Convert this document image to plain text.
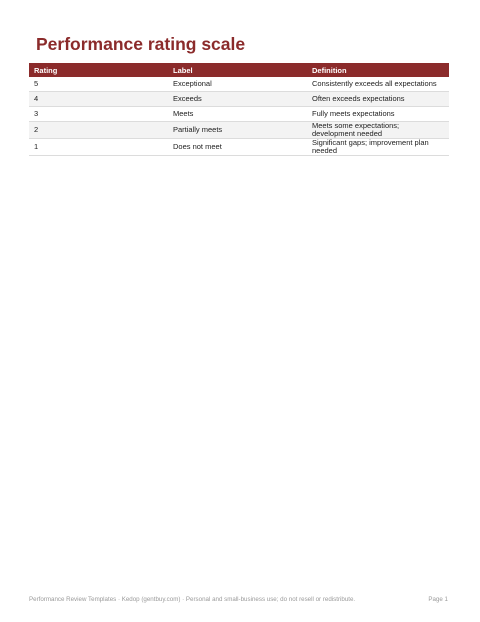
Performance rating scale
Rating	Label	Definition
5	Exceptional	Consistently exceeds all expectations
4	Exceeds	Often exceeds expectations
3	Meets	Fully meets expectations
2	Partially meets	Meets some expectations; development needed
1	Does not meet	Significant gaps; improvement plan needed
Performance Review Templates · Kedop (gentbuy.com) · Personal and small-business use; do not resell or redistribute.	Page 1
